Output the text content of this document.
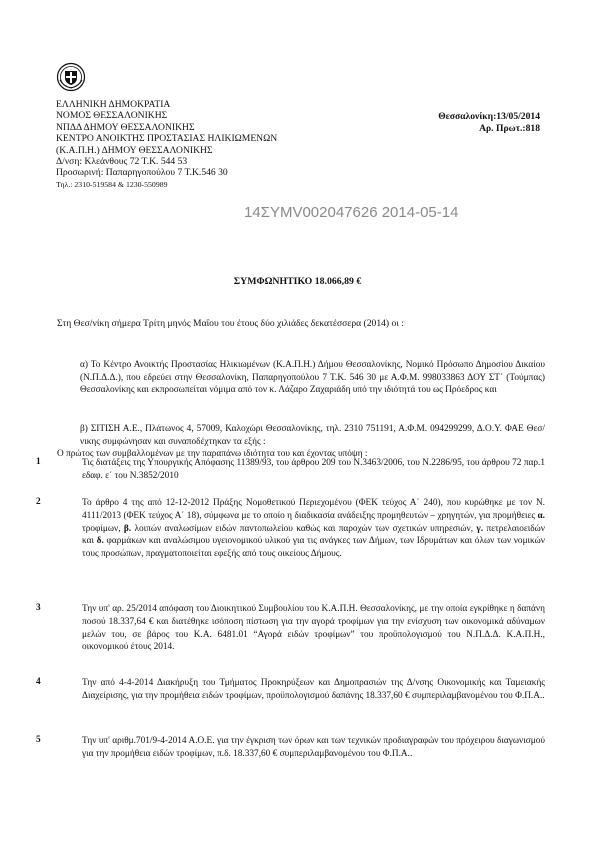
ΕΛΛΗΝΙΚΗ ΔΗΜΟΚΡΑΤΙΑ
ΝΟΜΟΣ ΘΕΣΣΑΛΟΝΙΚΗΣ
ΝΠΔΔ ΔΗΜΟΥ ΘΕΣΣΑΛΟΝΙΚΗΣ
ΚΕΝΤΡΟ ΑΝΟΙΚΤΗΣ ΠΡΟΣΤΑΣΙΑΣ ΗΛΙΚΙΩΜΕΝΩΝ
(Κ.Α.Π.Η.) ΔΗΜΟΥ ΘΕΣΣΑΛΟΝΙΚΗΣ
Δ/νση: Κλεάνθους 72 Τ.Κ. 544 53
Προσωρινή: Παπαρηγοπούλου 7 Τ.Κ.546 30
Τηλ.: 2310-519584 & 1230-550989
Θεσσαλονίκη:13/05/2014
Αρ. Πρωτ.:818
14ΣΥΜV002047626 2014-05-14
ΣΥΜΦΩΝΗΤΙΚΟ 18.066,89 €
Στη Θεσ/νίκη σήμερα Τρίτη μηνός Μαΐου του έτους δύο χιλιάδες δεκατέσσερα (2014) οι :
α) Το Κέντρο Ανοικτής Προστασίας Ηλικιωμένων (Κ.Α.Π.Η.) Δήμου Θεσσαλονίκης, Νομικό Πρόσωπο Δημοσίου Δικαίου (Ν.Π.Δ.Δ.), που εδρεύει στην Θεσσαλονίκη, Παπαρηγοπούλου 7 Τ.Κ. 546 30 με Α.Φ.Μ. 998033863 ΔΟΥ ΣΤ΄ (Τούμπας) Θεσσαλονίκης και εκπροσωπείται νόμιμα από τον κ. Λάζαρο Ζαχαριάδη υπό την ιδιότητά του ως Πρόεδρος και
β) ΣΙΤΙΣΗ Α.Ε., Πλάτωνος 4, 57009, Καλοχώρι Θεσσαλονίκης, τηλ. 2310 751191, Α.Φ.Μ. 094299299, Δ.Ο.Υ. ΦΑΕ Θεσ/νικης συμφώνησαν και συναποδέχτηκαν τα εξής :
Ο πρώτος των συμβαλλομένων με την παραπάνω ιδιότητα του και έχοντας υπόψη :
1	Τις διατάξεις της Υπουργικής Απόφασης 11389/93, του άρθρου 209 του Ν.3463/2006, του Ν.2286/95, του άρθρου 72 παρ.1 εδαφ. ε΄ του Ν.3852/2010
2	Το άρθρο 4 της από 12-12-2012 Πράξης Νομοθετικού Περιεχομένου (ΦΕΚ τεύχος Α΄ 240), που κυρώθηκε με τον Ν. 4111/2013 (ΦΕΚ τεύχος Α΄ 18), σύμφωνα με το οποίο η διαδικασία ανάδειξης προμηθευτών – χρηγητών, για προμήθειες α. τροφίμων, β. λοιπών αναλωσίμων ειδών παντοπωλείου καθώς και παροχών των σχετικών υπηρεσιών, γ. πετρελαιοειδών και δ. φαρμάκων και αναλώσιμου υγειονομικού υλικού για τις ανάγκες των Δήμων, των Ιδρυμάτων και όλων των νομικών τους προσώπων, πραγματοποιείται εφεξής από τους οικείους Δήμους.
3	Την υπ' αρ. 25/2014 απόφαση του Διοικητικού Συμβουλίου του Κ.Α.Π.Η. Θεσσαλονίκης, με την οποία εγκρίθηκε η δαπάνη ποσού 18.337,64 € και διατέθηκε ισόποση πίστωση για την αγορά τροφίμων για την ενίσχυση των οικονομικά αδύναμων μελών του, σε βάρος του Κ.Α. 6481.01 “Αγορά ειδών τροφίμων” του προϋπολογισμού του Ν.Π.Δ.Δ. Κ.Α.Π.Η., οικονομικού έτους 2014.
4	Την από 4-4-2014 Διακήρυξη του Τμήματος Προκηρύξεων και Δημοπρασιών της Δ/νσης Οικονομικής και Ταμειακής Διαχείρισης, για την προμήθεια ειδών τροφίμων, προϋπολογισμού δαπάνης 18.337,60 € συμπεριλαμβανομένου του Φ.Π.Α..
5	Την υπ' αριθμ.701/9-4-2014 Α.Ο.Ε. για την έγκριση των όρων και των τεχνικών προδιαγραφών του πρόχειρου διαγωνισμού για την προμήθεια ειδών τροφίμων, π.δ. 18.337,60 € συμπεριλαμβανομένου του Φ.Π.Α..
